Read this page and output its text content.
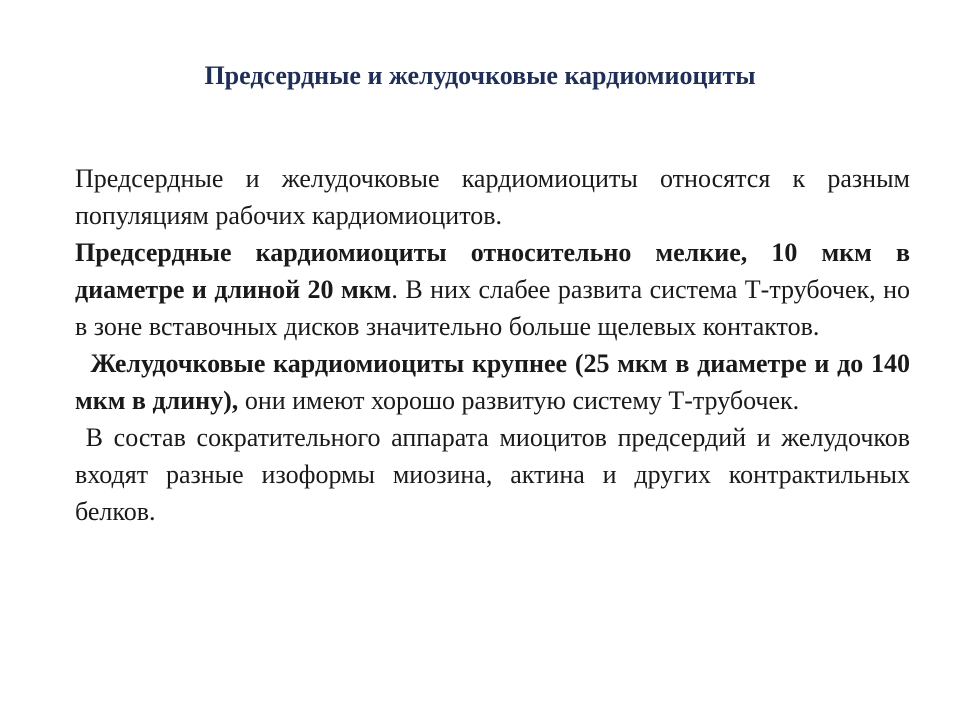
Предсердные и желудочковые кардиомиоциты

Предсердные и желудочковые кардиомиоциты относятся к разным популяциям рабочих кардиомиоцитов.

Предсердные кардиомиоциты относительно мелкие, 10 мкм в диаметре и длиной 20 мкм. В них слабее развита система Т-трубочек, но в зоне вставочных дисков значительно больше щелевых контактов.

Желудочковые кардиомиоциты крупнее (25 мкм в диаметре и до 140 мкм в длину), они имеют хорошо развитую систему Т-трубочек.

В состав сократительного аппарата миоцитов предсердий и желудочков входят разные изоформы миозина, актина и других контрактильных белков.
